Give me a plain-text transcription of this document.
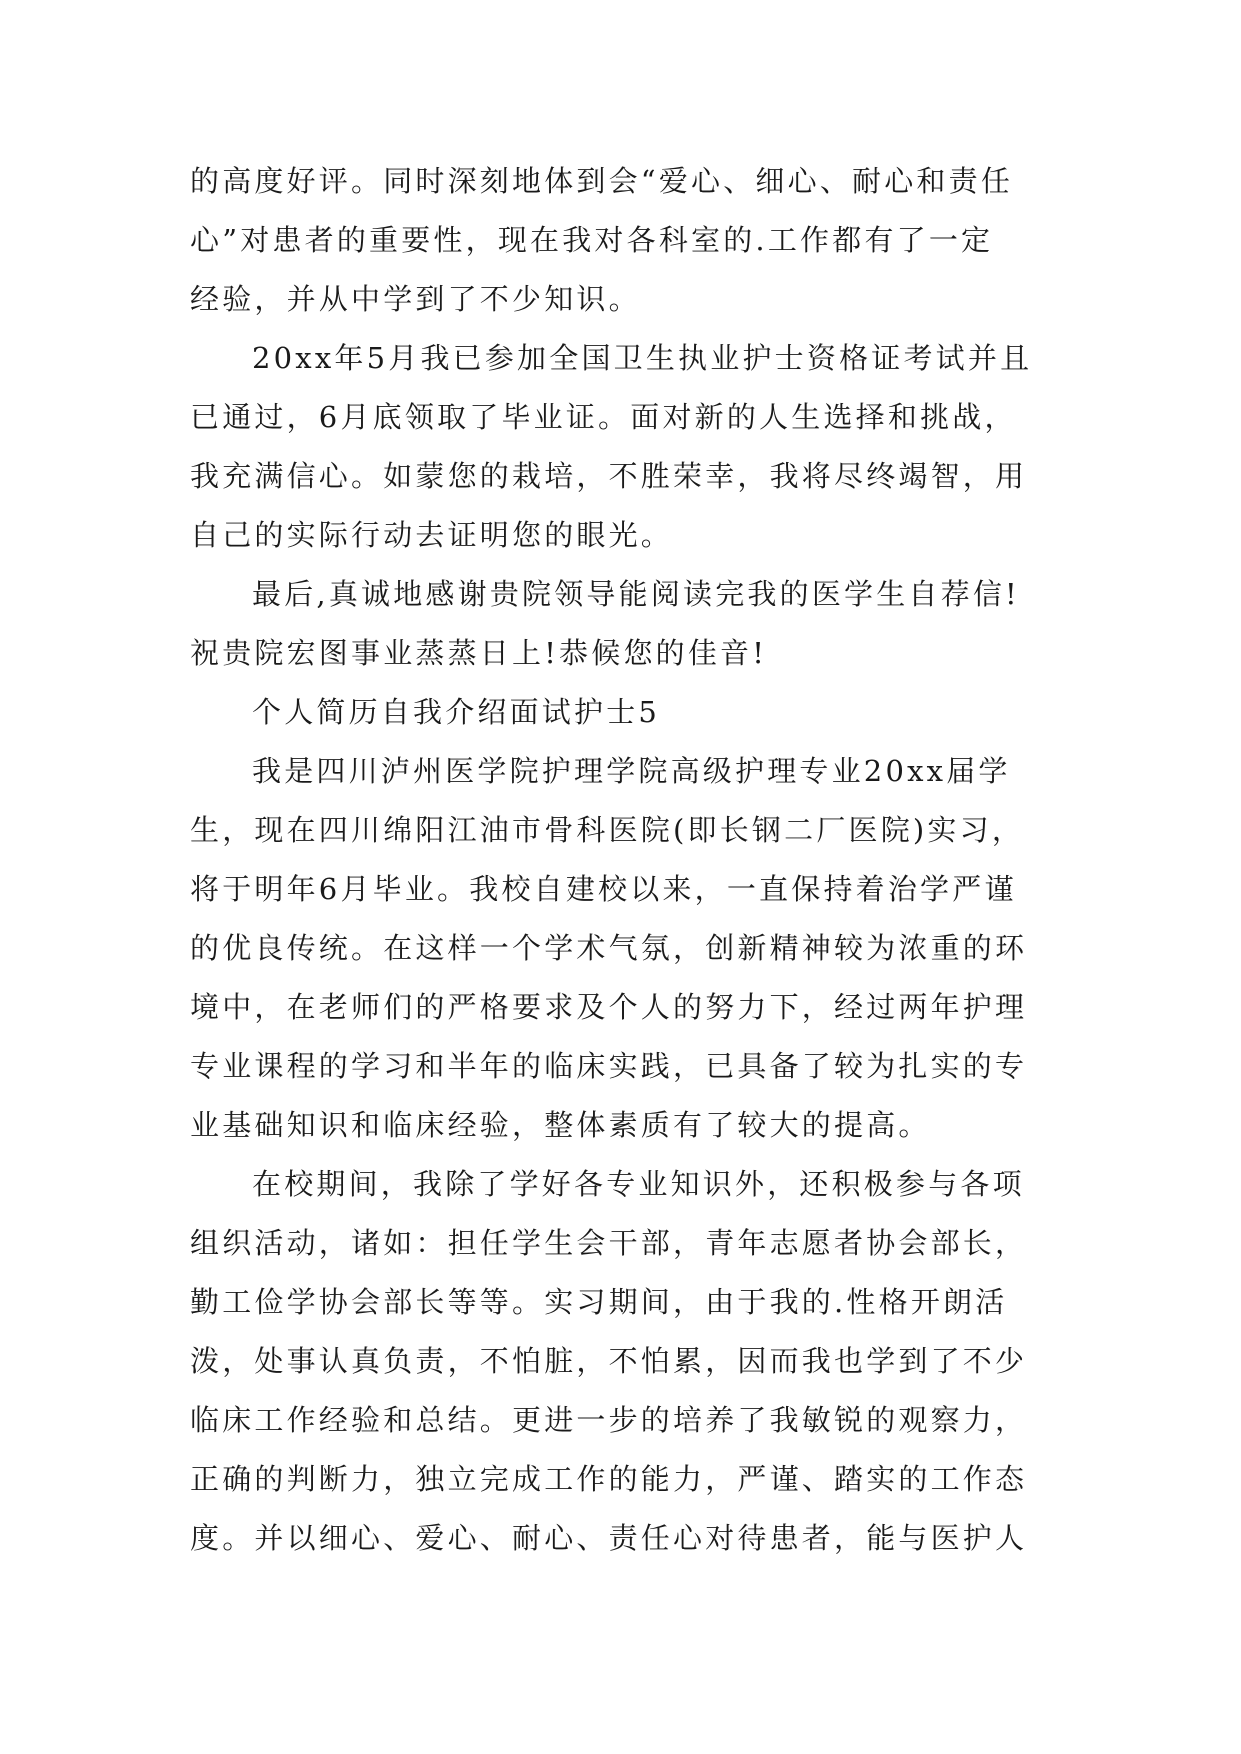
的高度好评。同时深刻地体到会“爱心、细心、耐心和责任
心”对患者的重要性，现在我对各科室的.工作都有了一定
经验，并从中学到了不少知识。
20xx年5月我已参加全国卫生执业护士资格证考试并且
已通过，6月底领取了毕业证。面对新的人生选择和挑战，
我充满信心。如蒙您的栽培，不胜荣幸，我将尽终竭智，用
自己的实际行动去证明您的眼光。
最后,真诚地感谢贵院领导能阅读完我的医学生自荐信!
祝贵院宏图事业蒸蒸日上!恭候您的佳音!
个人简历自我介绍面试护士5
我是四川泸州医学院护理学院高级护理专业20xx届学
生，现在四川绵阳江油市骨科医院(即长钢二厂医院)实习，
将于明年6月毕业。我校自建校以来，一直保持着治学严谨
的优良传统。在这样一个学术气氛，创新精神较为浓重的环
境中，在老师们的严格要求及个人的努力下，经过两年护理
专业课程的学习和半年的临床实践，已具备了较为扎实的专
业基础知识和临床经验，整体素质有了较大的提高。
在校期间，我除了学好各专业知识外，还积极参与各项
组织活动，诸如：担任学生会干部，青年志愿者协会部长，
勤工俭学协会部长等等。实习期间，由于我的.性格开朗活
泼，处事认真负责，不怕脏，不怕累，因而我也学到了不少
临床工作经验和总结。更进一步的培养了我敏锐的观察力，
正确的判断力，独立完成工作的能力，严谨、踏实的工作态
度。并以细心、爱心、耐心、责任心对待患者，能与医护人
